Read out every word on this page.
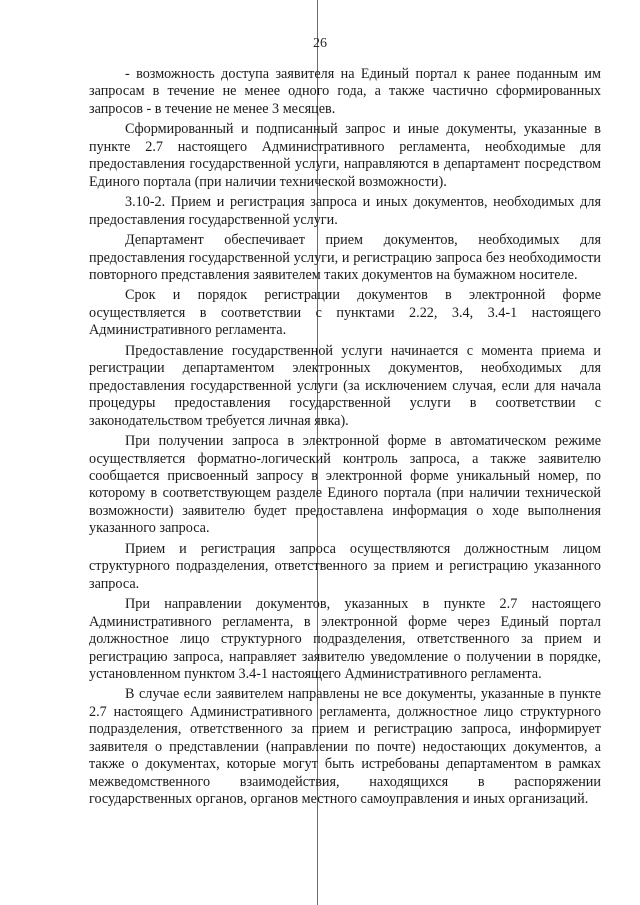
26

- возможность доступа заявителя на Единый портал к ранее поданным им запросам в течение не менее одного года, а также частично сформированных запросов - в течение не менее 3 месяцев.

Сформированный и подписанный запрос и иные документы, указанные в пункте 2.7 настоящего Административного регламента, необходимые для предоставления государственной услуги, направляются в департамент посредством Единого портала (при наличии технической возможности).

3.10-2. Прием и регистрация запроса и иных документов, необходимых для предоставления государственной услуги.

Департамент обеспечивает прием документов, необходимых для предоставления государственной услуги, и регистрацию запроса без необходимости повторного представления заявителем таких документов на бумажном носителе.

Срок и порядок регистрации документов в электронной форме осуществляется в соответствии с пунктами 2.22, 3.4, 3.4-1 настоящего Административного регламента.

Предоставление государственной услуги начинается с момента приема и регистрации департаментом электронных документов, необходимых для предоставления государственной услуги (за исключением случая, если для начала процедуры предоставления государственной услуги в соответствии с законодательством требуется личная явка).

При получении запроса в электронной форме в автоматическом режиме осуществляется форматно-логический контроль запроса, а также заявителю сообщается присвоенный запросу в электронной форме уникальный номер, по которому в соответствующем разделе Единого портала (при наличии технической возможности) заявителю будет предоставлена информация о ходе выполнения указанного запроса.

Прием и регистрация запроса осуществляются должностным лицом структурного подразделения, ответственного за прием и регистрацию указанного запроса.

При направлении документов, указанных в пункте 2.7 настоящего Административного регламента, в электронной форме через Единый портал должностное лицо структурного подразделения, ответственного за прием и регистрацию запроса, направляет заявителю уведомление о получении в порядке, установленном пунктом 3.4-1 настоящего Административного регламента.

В случае если заявителем направлены не все документы, указанные в пункте 2.7 настоящего Административного регламента, должностное лицо структурного подразделения, ответственного за прием и регистрацию запроса, информирует заявителя о представлении (направлении по почте) недостающих документов, а также о документах, которые могут быть истребованы департаментом в рамках межведомственного взаимодействия, находящихся в распоряжении государственных органов, органов местного самоуправления и иных организаций.
